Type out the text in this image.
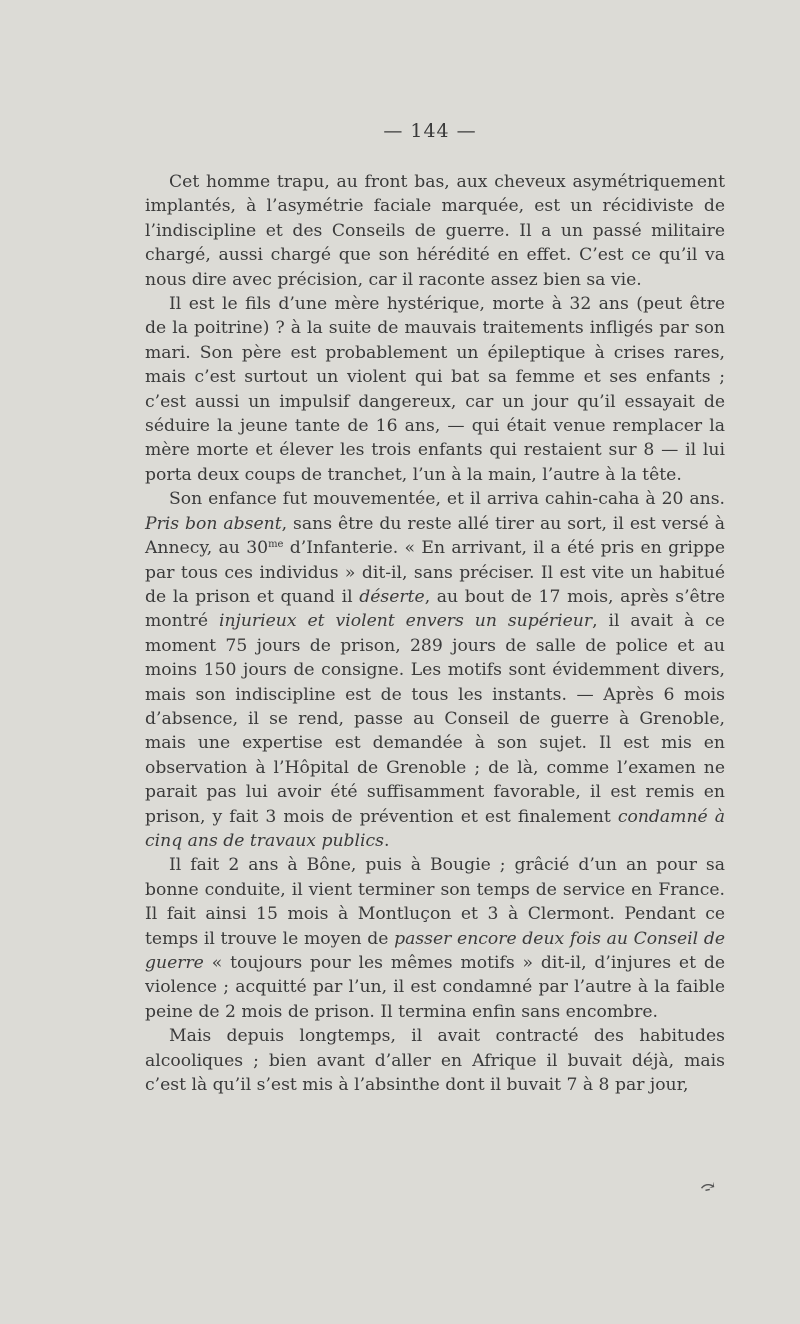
— 144 —

Cet homme trapu, au front bas, aux cheveux asymétriquement implantés, à l’asymétrie faciale marquée, est un récidiviste de l’indiscipline et des Conseils de guerre. Il a un passé militaire chargé, aussi chargé que son hérédité en effet. C’est ce qu’il va nous dire avec précision, car il raconte assez bien sa vie.

Il est le fils d’une mère hystérique, morte à 32 ans (peut être de la poitrine) ? à la suite de mauvais traitements infligés par son mari. Son père est probablement un épileptique à crises rares, mais c’est surtout un violent qui bat sa femme et ses enfants ; c’est aussi un impulsif dangereux, car un jour qu’il essayait de séduire la jeune tante de 16 ans, — qui était venue remplacer la mère morte et élever les trois enfants qui restaient sur 8 — il lui porta deux coups de tranchet, l’un à la main, l’autre à la tête.

Son enfance fut mouvementée, et il arriva cahin-caha à 20 ans. Pris bon absent, sans être du reste allé tirer au sort, il est versé à Annecy, au $30^{me}$ d’Infanterie. « En arrivant, il a été pris en grippe par tous ces individus » dit-il, sans préciser. Il est vite un habitué de la prison et quand il déserte, au bout de 17 mois, après s’être montré injurieux et violent envers un supérieur, il avait à ce moment 75 jours de prison, 289 jours de salle de police et au moins 150 jours de consigne. Les motifs sont évidemment divers, mais son indiscipline est de tous les instants. — Après 6 mois d’absence, il se rend, passe au Conseil de guerre à Grenoble, mais une expertise est demandée à son sujet. Il est mis en observation à l’Hôpital de Grenoble ; de là, comme l’examen ne parait pas lui avoir été suffisamment favorable, il est remis en prison, y fait 3 mois de prévention et est finalement condamné à cinq ans de travaux publics.

Il fait 2 ans à Bône, puis à Bougie ; grâcié d’un an pour sa bonne conduite, il vient terminer son temps de service en France. Il fait ainsi 15 mois à Montluçon et 3 à Clermont. Pendant ce temps il trouve le moyen de passer encore deux fois au Conseil de guerre « toujours pour les mêmes motifs » dit-il, d’injures et de violence ; acquitté par l’un, il est condamné par l’autre à la faible peine de 2 mois de prison. Il termina enfin sans encombre.

Mais depuis longtemps, il avait contracté des habitudes alcooliques ; bien avant d’aller en Afrique il buvait déjà, mais c’est là qu’il s’est mis à l’absinthe dont il buvait 7 à 8 par jour,

⤼
